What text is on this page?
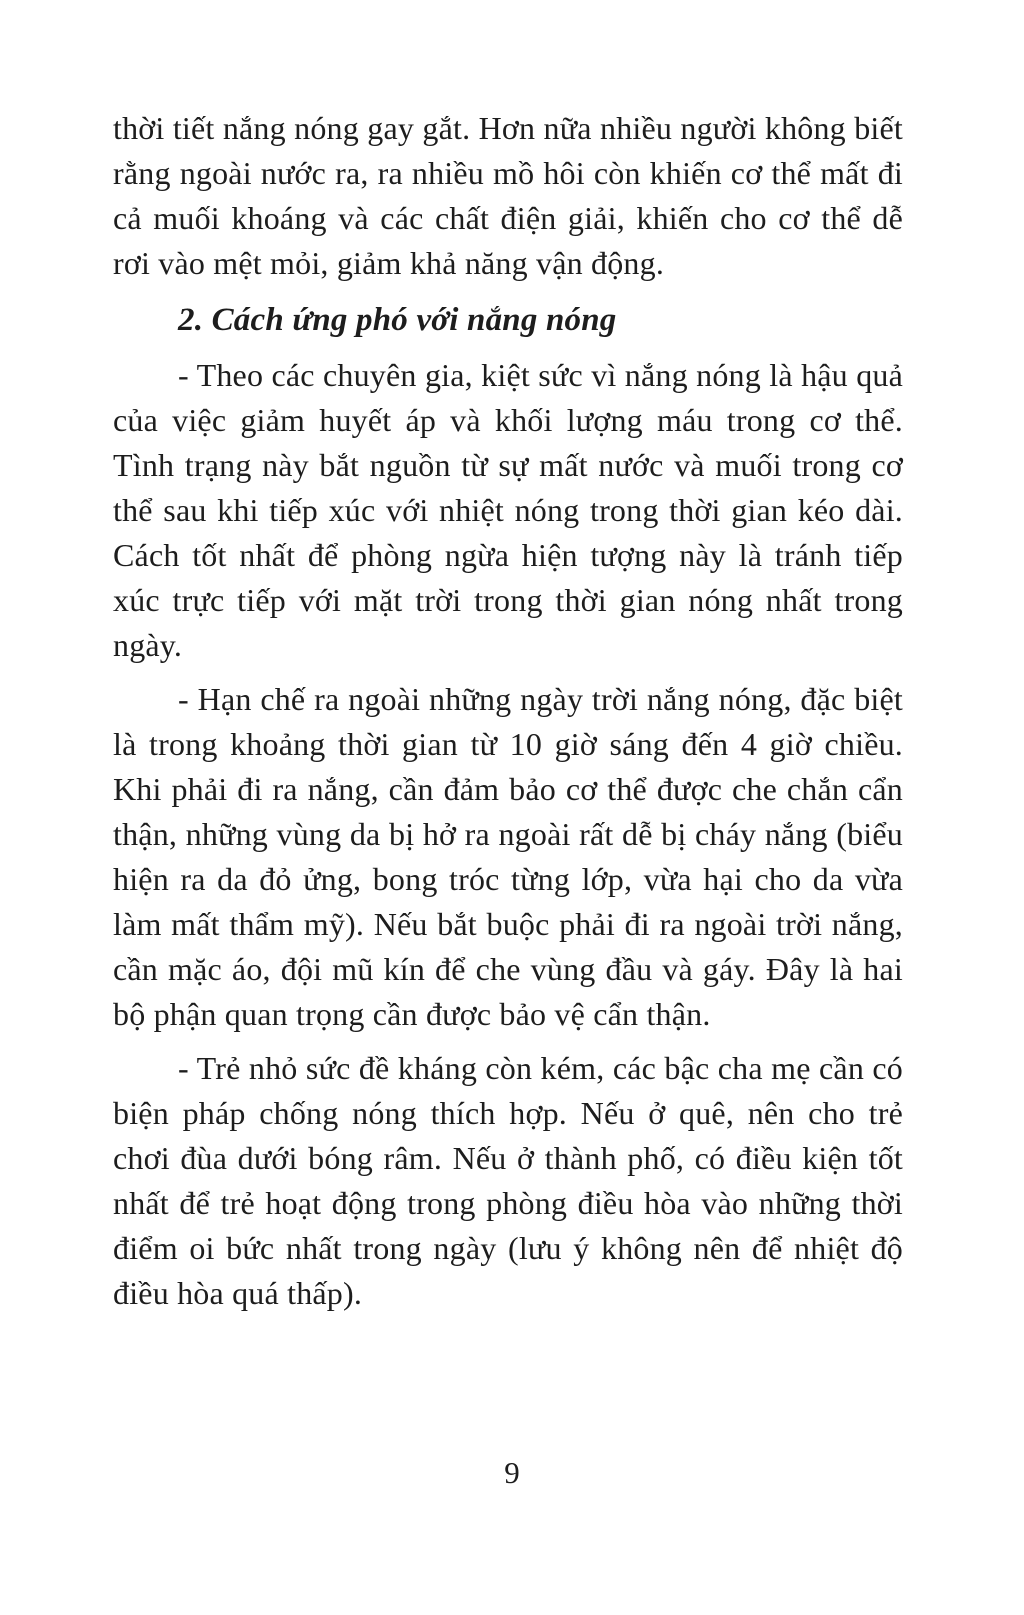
thời tiết nắng nóng gay gắt. Hơn nữa nhiều người không biết rằng ngoài nước ra, ra nhiều mồ hôi còn khiến cơ thể mất đi cả muối khoáng và các chất điện giải, khiến cho cơ thể dễ rơi vào mệt mỏi, giảm khả năng vận động.

2. Cách ứng phó với nắng nóng

- Theo các chuyên gia, kiệt sức vì nắng nóng là hậu quả của việc giảm huyết áp và khối lượng máu trong cơ thể. Tình trạng này bắt nguồn từ sự mất nước và muối trong cơ thể sau khi tiếp xúc với nhiệt nóng trong thời gian kéo dài. Cách tốt nhất để phòng ngừa hiện tượng này là tránh tiếp xúc trực tiếp với mặt trời trong thời gian nóng nhất trong ngày.

- Hạn chế ra ngoài những ngày trời nắng nóng, đặc biệt là trong khoảng thời gian từ 10 giờ sáng đến 4 giờ chiều. Khi phải đi ra nắng, cần đảm bảo cơ thể được che chắn cẩn thận, những vùng da bị hở ra ngoài rất dễ bị cháy nắng (biểu hiện ra da đỏ ửng, bong tróc từng lớp, vừa hại cho da vừa làm mất thẩm mỹ). Nếu bắt buộc phải đi ra ngoài trời nắng, cần mặc áo, đội mũ kín để che vùng đầu và gáy. Đây là hai bộ phận quan trọng cần được bảo vệ cẩn thận.

- Trẻ nhỏ sức đề kháng còn kém, các bậc cha mẹ cần có biện pháp chống nóng thích hợp. Nếu ở quê, nên cho trẻ chơi đùa dưới bóng râm. Nếu ở thành phố, có điều kiện tốt nhất để trẻ hoạt động trong phòng điều hòa vào những thời điểm oi bức nhất trong ngày (lưu ý không nên để nhiệt độ điều hòa quá thấp).

9
